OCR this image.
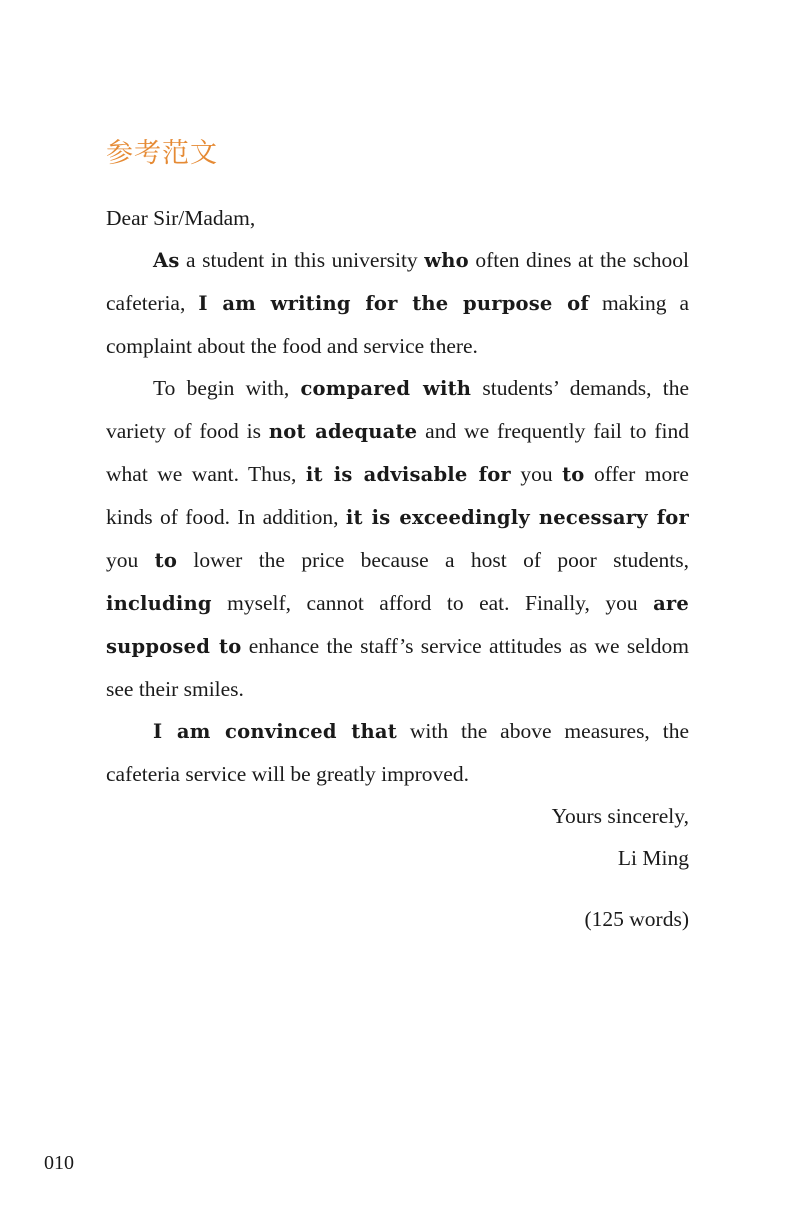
参考范文

Dear Sir/Madam,

As a student in this university who often dines at the school cafeteria, I am writing for the purpose of making a complaint about the food and service there.

To begin with, compared with students’ demands, the variety of food is not adequate and we frequently fail to find what we want. Thus, it is advisable for you to offer more kinds of food. In addition, it is exceedingly necessary for you to lower the price because a host of poor students, including myself, cannot afford to eat. Finally, you are supposed to enhance the staff’s service attitudes as we seldom see their smiles.

I am convinced that with the above measures, the cafeteria service will be greatly improved.

Yours sincerely,
Li Ming

(125 words)
010
